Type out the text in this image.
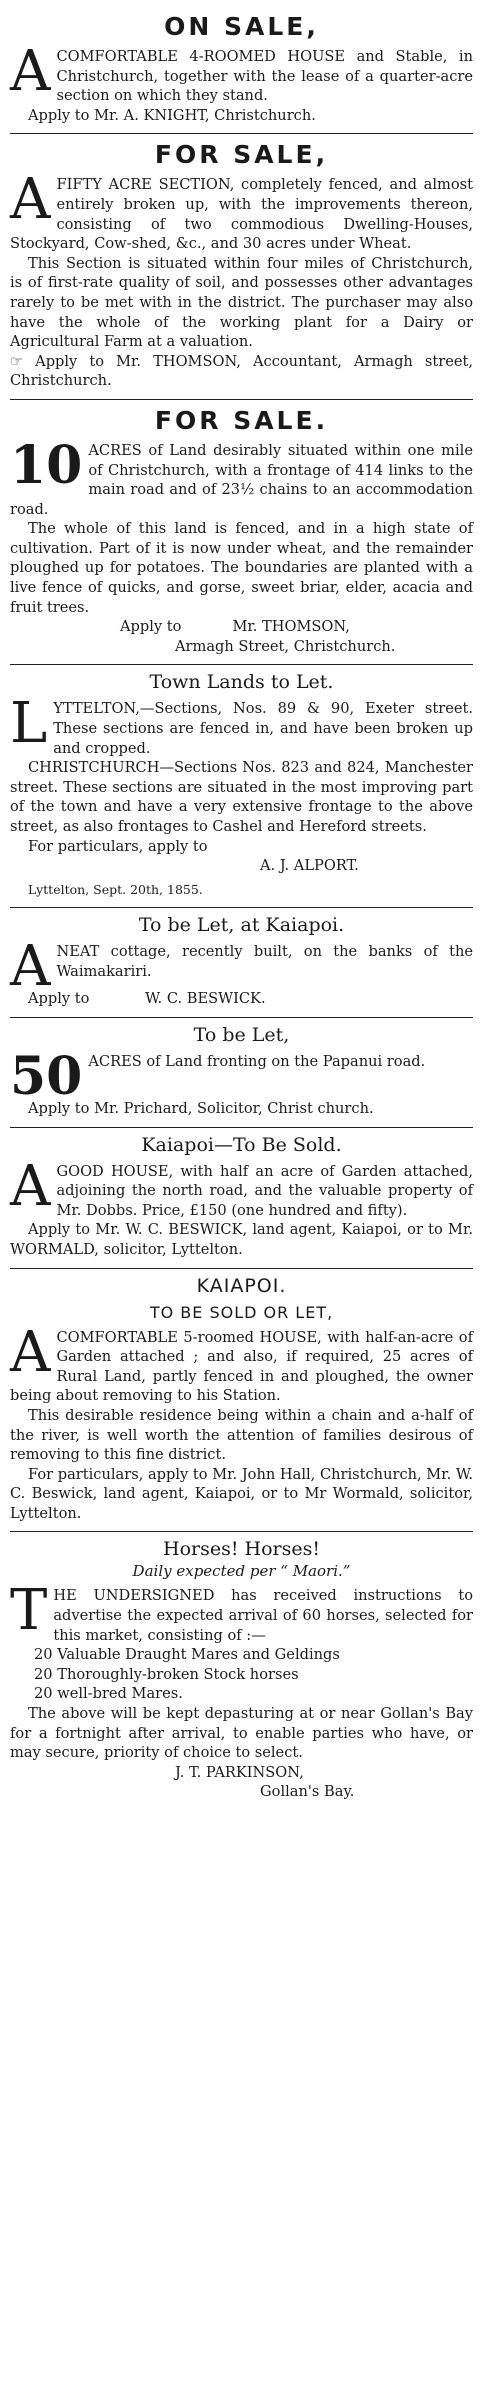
ON SALE,
A COMFORTABLE 4-ROOMED HOUSE and Stable, in Christchurch, together with the lease of a quarter-acre section on which they stand.

Apply to Mr. A. KNIGHT, Christchurch.

FOR SALE,
A FIFTY ACRE SECTION, completely fenced, and almost entirely broken up, with the improvements thereon, consisting of two commodious Dwelling-Houses, Stockyard, Cow-shed, &c., and 30 acres under Wheat.

This Section is situated within four miles of Christchurch, is of first-rate quality of soil, and possesses other advantages rarely to be met with in the district. The purchaser may also have the whole of the working plant for a Dairy or Agricultural Farm at a valuation.

☞ Apply to Mr. THOMSON, Accountant, Armagh street, Christchurch.

FOR SALE.
10 ACRES of Land desirably situated within one mile of Christchurch, with a frontage of 414 links to the main road and of 23½ chains to an accommodation road.

The whole of this land is fenced, and in a high state of cultivation. Part of it is now under wheat, and the remainder ploughed up for potatoes. The boundaries are planted with a live fence of quicks, and gorse, sweet briar, elder, acacia and fruit trees.

Apply to           Mr. THOMSON,

Armagh Street, Christchurch.

Town Lands to Let.
L YTTELTON,—Sections, Nos. 89 & 90, Exeter street. These sections are fenced in, and have been broken up and cropped.

CHRISTCHURCH—Sections Nos. 823 and 824, Manchester street. These sections are situated in the most improving part of the town and have a very extensive frontage to the above street, as also frontages to Cashel and Hereford streets.

For particulars, apply to

A. J. ALPORT.

Lyttelton, Sept. 20th, 1855.

To be Let, at Kaiapoi.
A NEAT cottage, recently built, on the banks of the Waimakariri.

Apply to            W. C. BESWICK.

To be Let,
50 ACRES of Land fronting on the Papanui road.

Apply to Mr. Prichard, Solicitor, Christ church.

Kaiapoi—To Be Sold.
A GOOD HOUSE, with half an acre of Garden attached, adjoining the north road, and the valuable property of Mr. Dobbs. Price, £150 (one hundred and fifty).

Apply to Mr. W. C. BESWICK, land agent, Kaiapoi, or to Mr. WORMALD, solicitor, Lyttelton.

KAIAPOI.
TO BE SOLD OR LET,
A COMFORTABLE 5-roomed HOUSE, with half-an-acre of Garden attached ; and also, if required, 25 acres of Rural Land, partly fenced in and ploughed, the owner being about removing to his Station.

This desirable residence being within a chain and a-half of the river, is well worth the attention of families desirous of removing to this fine district.

For particulars, apply to Mr. John Hall, Christchurch, Mr. W. C. Beswick, land agent, Kaiapoi, or to Mr Wormald, solicitor, Lyttelton.

Horses! Horses!
Daily expected per “ Maori.”
T HE UNDERSIGNED has received instructions to advertise the expected arrival of 60 horses, selected for this market, consisting of :—

20 Valuable Draught Mares and Geldings

20 Thoroughly-broken Stock horses

20 well-bred Mares.

The above will be kept depasturing at or near Gollan's Bay for a fortnight after arrival, to enable parties who have, or may secure, priority of choice to select.

J. T. PARKINSON,

Gollan's Bay.
